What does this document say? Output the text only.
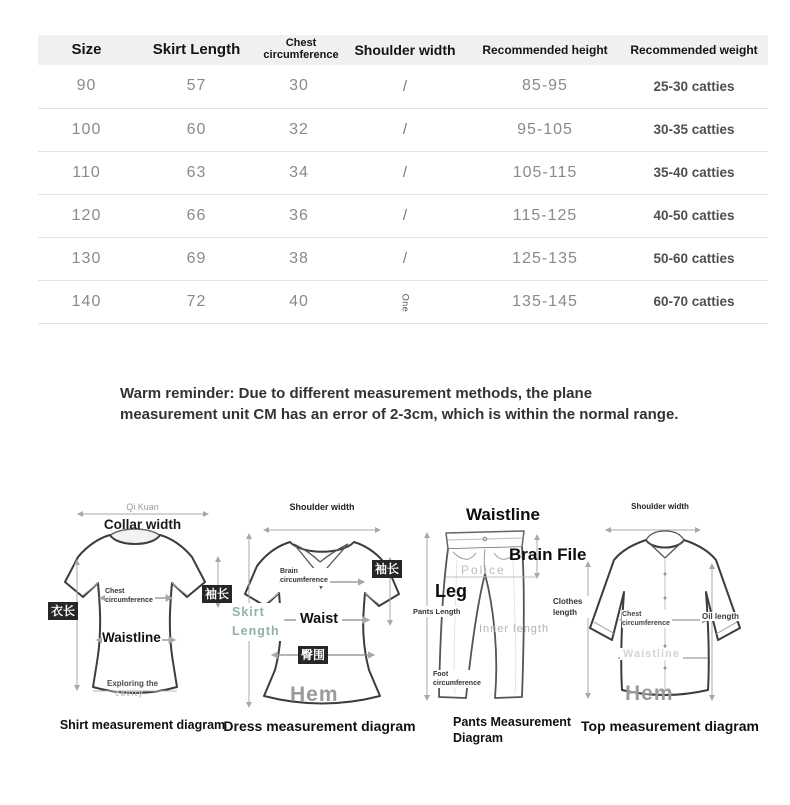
Size	Skirt Length	Chest circumference	Shoulder width	Recommended height	Recommended weight
90	57	30	/	85-95	25-30 catties
100	60	32	/	95-105	30-35 catties
110	63	34	/	105-115	35-40 catties
120	66	36	/	115-125	40-50 catties
130	69	38	/	125-135	50-60 catties
140	72	40	One	135-145	60-70 catties
Warm reminder: Due to different measurement methods, the plane measurement unit CM has an error of 2-3cm, which is within the normal range.
Qi Kuan
Collar width
衣长
袖长
Chest circumference
Waistline
Exploring the
cavity
Shirt measurement diagram
Shoulder width
袖长
Brain circumference
Skirt Length
Waist
臀围
Hem
Dress measurement diagram
Waistline
Brain File
Police
Leg
Pants Length
Inner length
Foot circumference
Pants Measurement Diagram
Shoulder width
Clothes length	Chest circumference
Oil length
Waistline
Hem
Top measurement diagram
